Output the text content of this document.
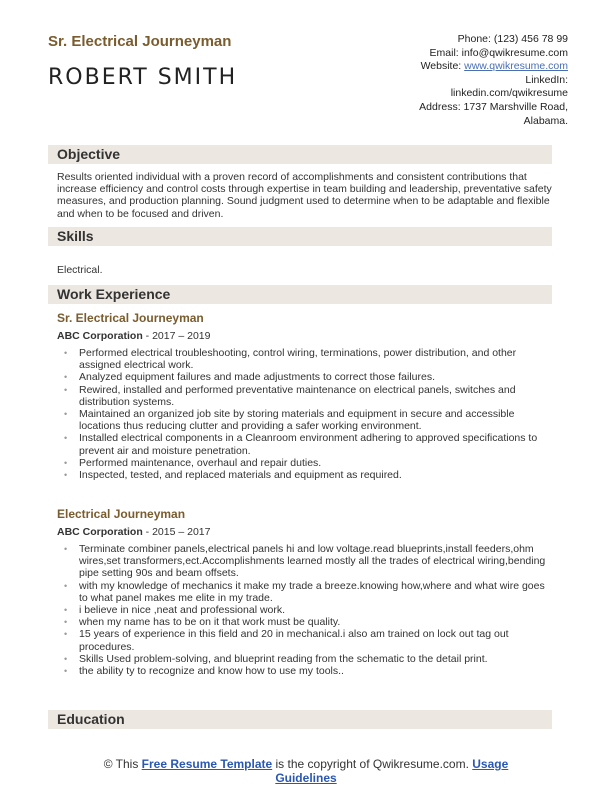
Sr. Electrical Journeyman
ROBERT SMITH
Phone: (123) 456 78 99
Email: info@qwikresume.com
Website: www.qwikresume.com
LinkedIn:
linkedin.com/qwikresume
Address: 1737 Marshville Road,
Alabama.
Objective
Results oriented individual with a proven record of accomplishments and consistent contributions that increase efficiency and control costs through expertise in team building and leadership, preventative safety measures, and production planning. Sound judgment used to determine when to be adaptable and flexible and when to be focused and driven.
Skills
Electrical.
Work Experience
Sr. Electrical Journeyman
ABC Corporation - 2017 – 2019
• Performed electrical troubleshooting, control wiring, terminations, power distribution, and other assigned electrical work.
• Analyzed equipment failures and made adjustments to correct those failures.
• Rewired, installed and performed preventative maintenance on electrical panels, switches and distribution systems.
• Maintained an organized job site by storing materials and equipment in secure and accessible locations thus reducing clutter and providing a safer working environment.
• Installed electrical components in a Cleanroom environment adhering to approved specifications to prevent air and moisture penetration.
• Performed maintenance, overhaul and repair duties.
• Inspected, tested, and replaced materials and equipment as required.
Electrical Journeyman
ABC Corporation - 2015 – 2017
• Terminate combiner panels,electrical panels hi and low voltage.read blueprints,install feeders,ohm wires,set transformers,ect.Accomplishments learned mostly all the trades of electrical wiring,bending pipe setting 90s and beam offsets.
• with my knowledge of mechanics it make my trade a breeze.knowing how,where and what wire goes to what panel makes me elite in my trade.
• i believe in nice ,neat and professional work.
• when my name has to be on it that work must be quality.
• 15 years of experience in this field and 20 in mechanical.i also am trained on lock out tag out procedures.
• Skills Used problem-solving, and blueprint reading from the schematic to the detail print.
• the ability ty to recognize and know how to use my tools..
Education
© This Free Resume Template is the copyright of Qwikresume.com. Usage
Guidelines
